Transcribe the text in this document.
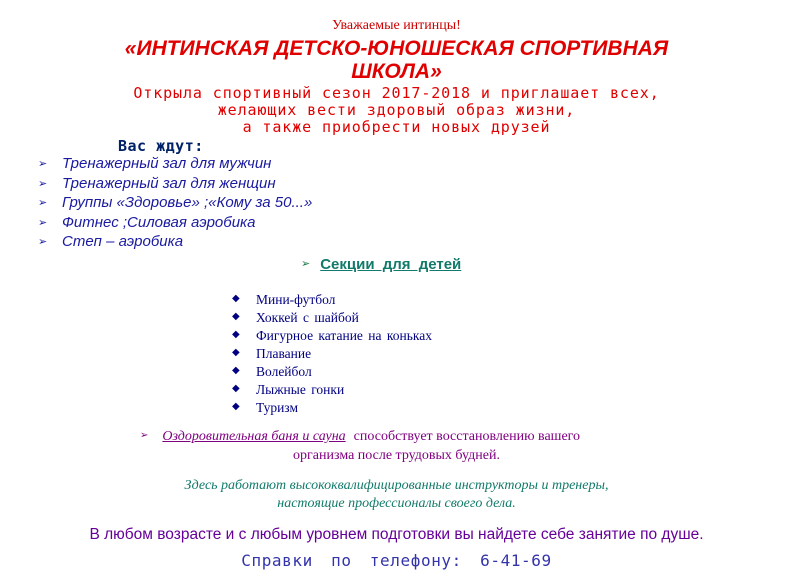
Уважаемые интинцы!
«ИНТИНСКАЯ ДЕТСКО-ЮНОШЕСКАЯ СПОРТИВНАЯ
ШКОЛА»
Открыла спортивный сезон 2017-2018 и приглашает всех,
желающих вести здоровый образ жизни,
а также приобрести новых друзей
Вас ждут:
➢ Тренажерный зал для мужчин
➢ Тренажерный зал для женщин
➢ Группы «Здоровье» ;«Кому за 50...»
➢ Фитнес ;Силовая аэробика
➢ Степ – аэробика
➢ Секции для детей
◆ Мини-футбол
◆ Хоккей с шайбой
◆ Фигурное катание на коньках
◆ Плавание
◆ Волейбол
◆ Лыжные гонки
◆ Туризм
➢ Оздоровительная баня и сауна способствует восстановлению вашего
организма после трудовых будней.
Здесь работают высококвалифицированные инструкторы и тренеры,
настоящие профессионалы своего дела.
В любом возрасте и с любым уровнем подготовки вы найдете себе занятие по душе.
Справки по телефону: 6-41-69
